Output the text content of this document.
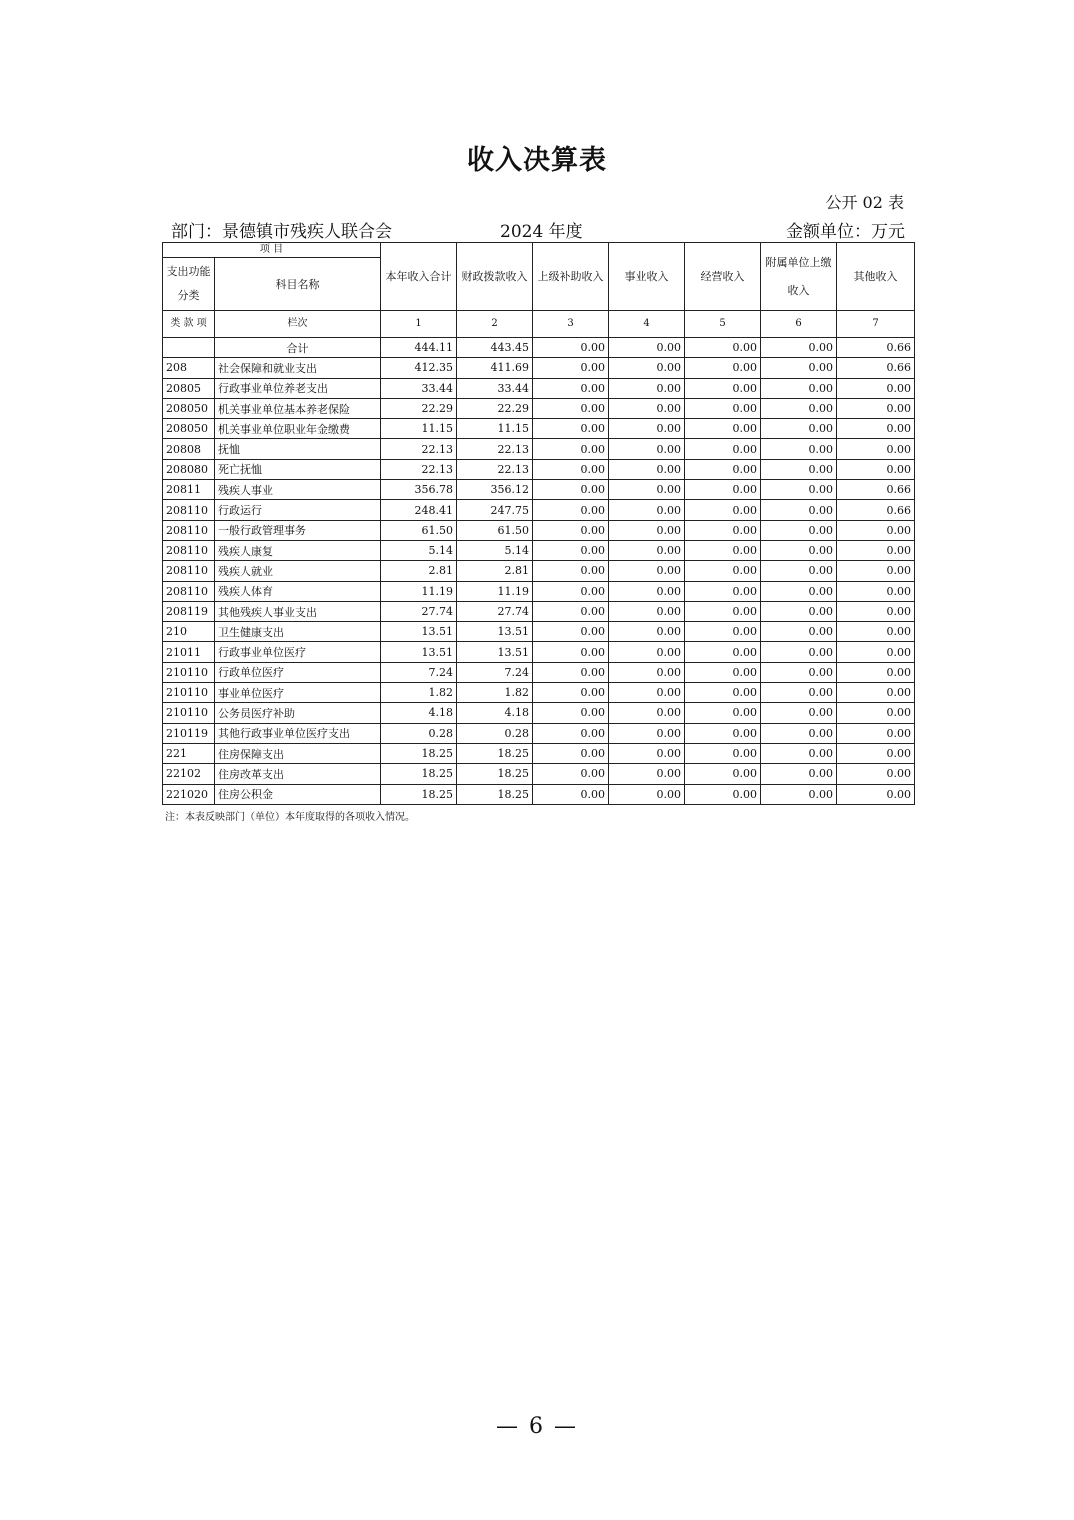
收入决算表
公开 02 表
部门：景德镇市残疾人联合会	2024 年度	金额单位：万元
项 目		本年收入合计	财政拨款收入	上级补助收入	事业收入	经营收入	附属单位上缴收入	其他收入
支出功能分类	科目名称							
类 款 项	栏次	1	2	3	4	5	6	7
	合计	444.11	443.45	0.00	0.00	0.00	0.00	0.66
208	社会保障和就业支出	412.35	411.69	0.00	0.00	0.00	0.00	0.66
20805	行政事业单位养老支出	33.44	33.44	0.00	0.00	0.00	0.00	0.00
208050	机关事业单位基本养老保险	22.29	22.29	0.00	0.00	0.00	0.00	0.00
208050	机关事业单位职业年金缴费	11.15	11.15	0.00	0.00	0.00	0.00	0.00
20808	抚恤	22.13	22.13	0.00	0.00	0.00	0.00	0.00
208080	死亡抚恤	22.13	22.13	0.00	0.00	0.00	0.00	0.00
20811	残疾人事业	356.78	356.12	0.00	0.00	0.00	0.00	0.66
208110	行政运行	248.41	247.75	0.00	0.00	0.00	0.00	0.66
208110	一般行政管理事务	61.50	61.50	0.00	0.00	0.00	0.00	0.00
208110	残疾人康复	5.14	5.14	0.00	0.00	0.00	0.00	0.00
208110	残疾人就业	2.81	2.81	0.00	0.00	0.00	0.00	0.00
208110	残疾人体育	11.19	11.19	0.00	0.00	0.00	0.00	0.00
208119	其他残疾人事业支出	27.74	27.74	0.00	0.00	0.00	0.00	0.00
210	卫生健康支出	13.51	13.51	0.00	0.00	0.00	0.00	0.00
21011	行政事业单位医疗	13.51	13.51	0.00	0.00	0.00	0.00	0.00
210110	行政单位医疗	7.24	7.24	0.00	0.00	0.00	0.00	0.00
210110	事业单位医疗	1.82	1.82	0.00	0.00	0.00	0.00	0.00
210110	公务员医疗补助	4.18	4.18	0.00	0.00	0.00	0.00	0.00
210119	其他行政事业单位医疗支出	0.28	0.28	0.00	0.00	0.00	0.00	0.00
221	住房保障支出	18.25	18.25	0.00	0.00	0.00	0.00	0.00
22102	住房改革支出	18.25	18.25	0.00	0.00	0.00	0.00	0.00
221020	住房公积金	18.25	18.25	0.00	0.00	0.00	0.00	0.00
注：本表反映部门（单位）本年度取得的各项收入情况。
— 6 —
